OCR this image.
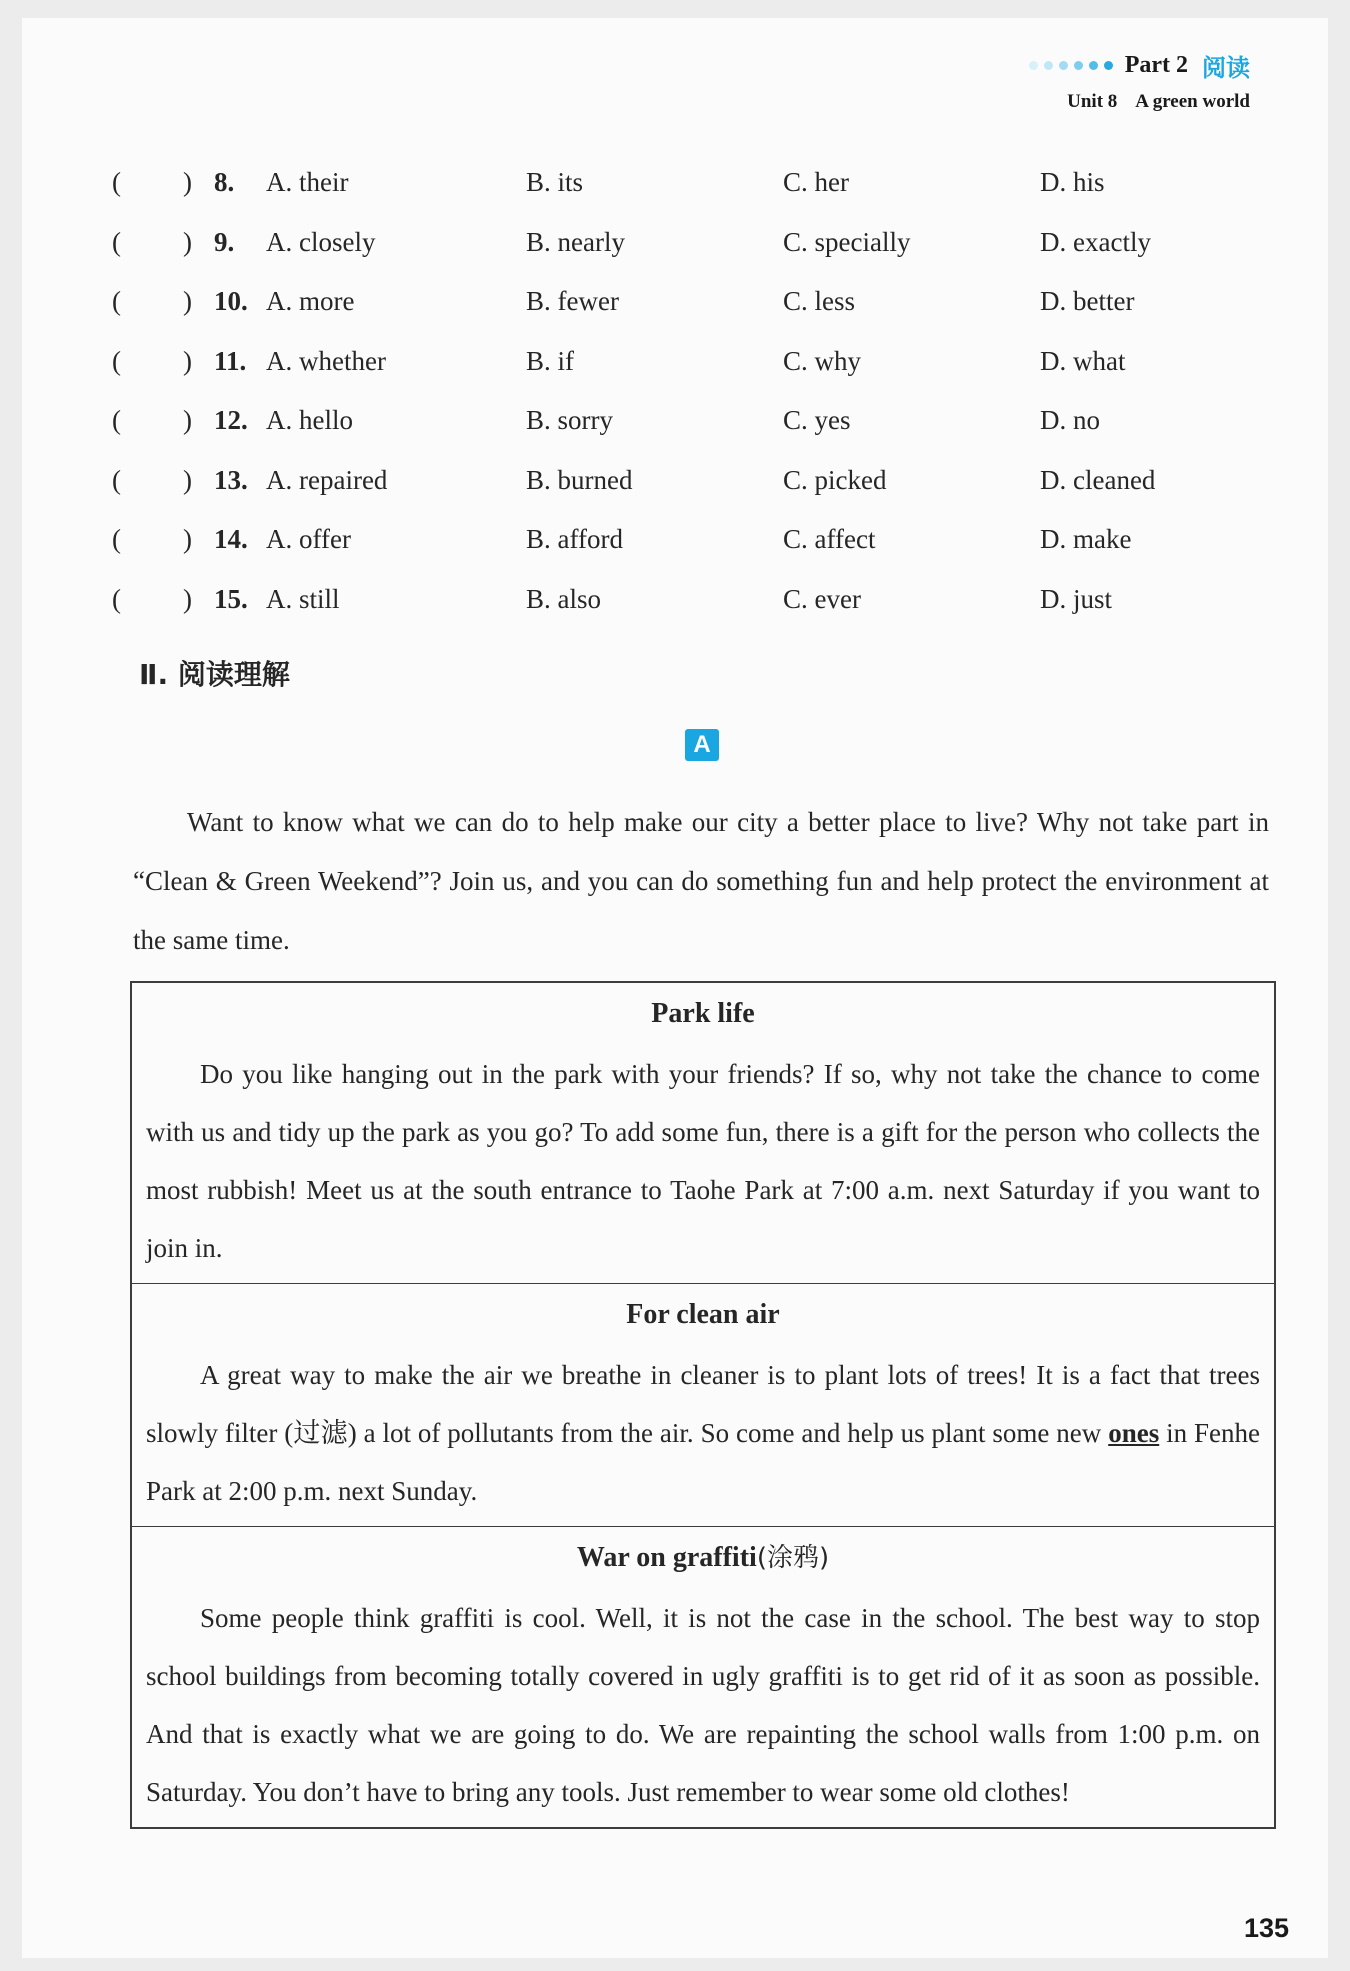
Part 2 阅读
Unit 8 A green world
( ) 8.	A. their	B. its	C. her	D. his
( ) 9.	A. closely	B. nearly	C. specially	D. exactly
( ) 10. A. more	B. fewer	C. less	D. better
( ) 11. A. whether	B. if	C. why	D. what
( ) 12. A. hello	B. sorry	C. yes	D. no
( ) 13. A. repaired	B. burned	C. picked	D. cleaned
( ) 14. A. offer	B. afford	C. affect	D. make
( ) 15. A. still	B. also	C. ever	D. just
Ⅱ. 阅读理解
A
Want to know what we can do to help make our city a better place to live? Why not take part in “Clean & Green Weekend”? Join us, and you can do something fun and help protect the environment at the same time.
Park life
Do you like hanging out in the park with your friends? If so, why not take the chance to come with us and tidy up the park as you go? To add some fun, there is a gift for the person who collects the most rubbish! Meet us at the south entrance to Taohe Park at 7:00 a.m. next Saturday if you want to join in.
For clean air
A great way to make the air we breathe in cleaner is to plant lots of trees! It is a fact that trees slowly filter (过滤) a lot of pollutants from the air. So come and help us plant some new ones in Fenhe Park at 2:00 p.m. next Sunday.
War on graffiti(涂鸦)
Some people think graffiti is cool. Well, it is not the case in the school. The best way to stop school buildings from becoming totally covered in ugly graffiti is to get rid of it as soon as possible. And that is exactly what we are going to do. We are repainting the school walls from 1:00 p.m. on Saturday. You don’t have to bring any tools. Just remember to wear some old clothes!
135
